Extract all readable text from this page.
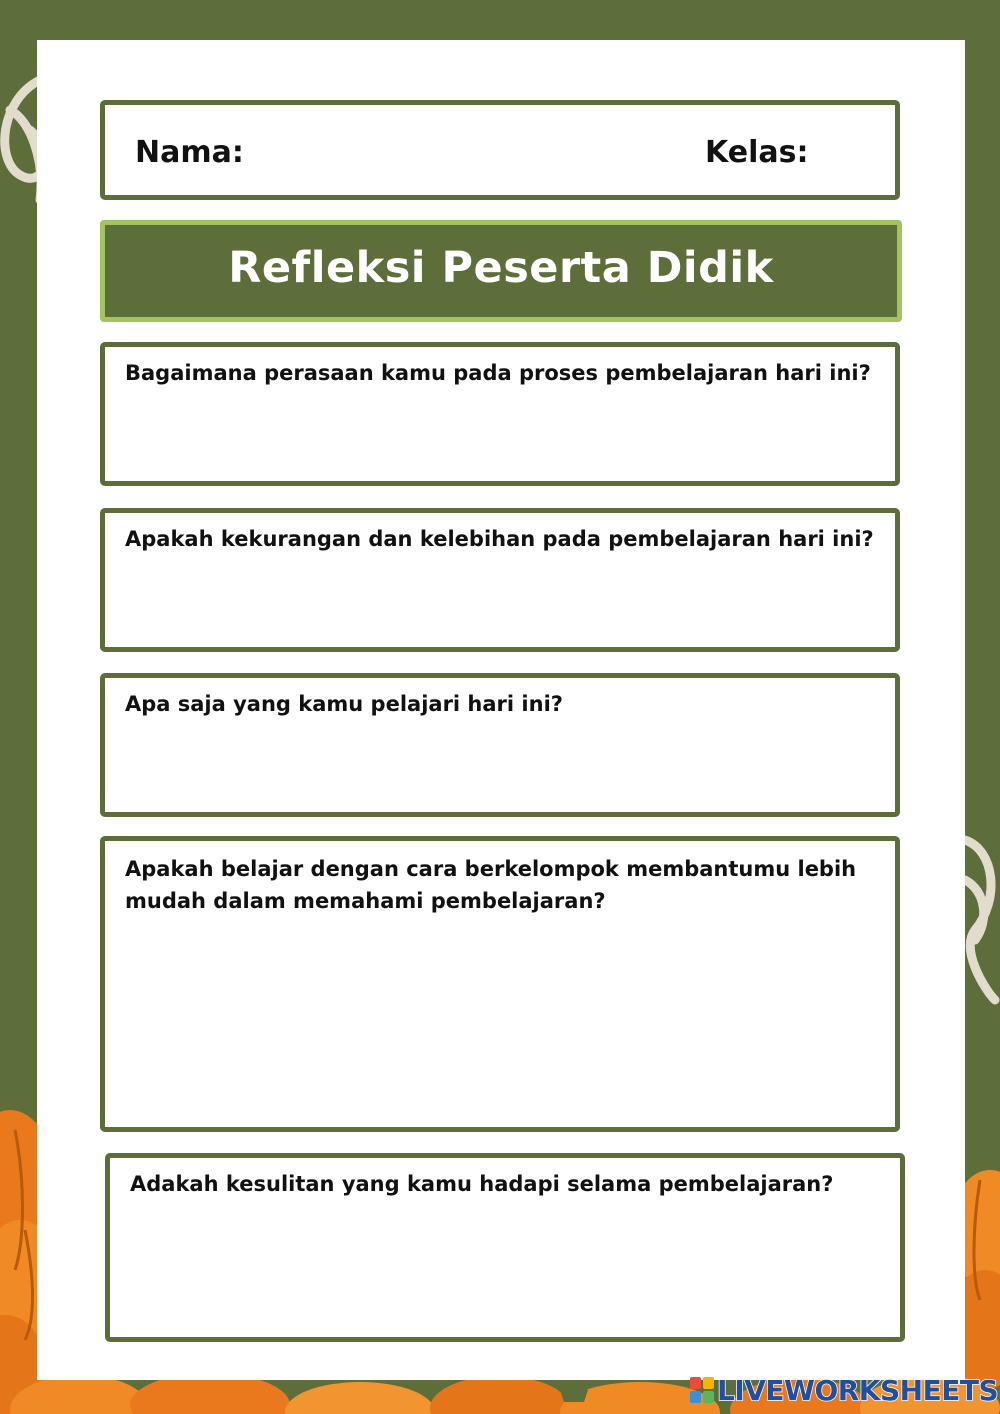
Nama:	Kelas:
Refleksi Peserta Didik
Bagaimana perasaan kamu pada proses pembelajaran hari ini?
Apakah kekurangan dan kelebihan pada pembelajaran hari ini?
Apa saja yang kamu pelajari hari ini?
Apakah belajar dengan cara berkelompok membantumu lebih mudah dalam memahami pembelajaran?
Adakah kesulitan yang kamu hadapi selama pembelajaran?
LIVEWORKSHEETS
